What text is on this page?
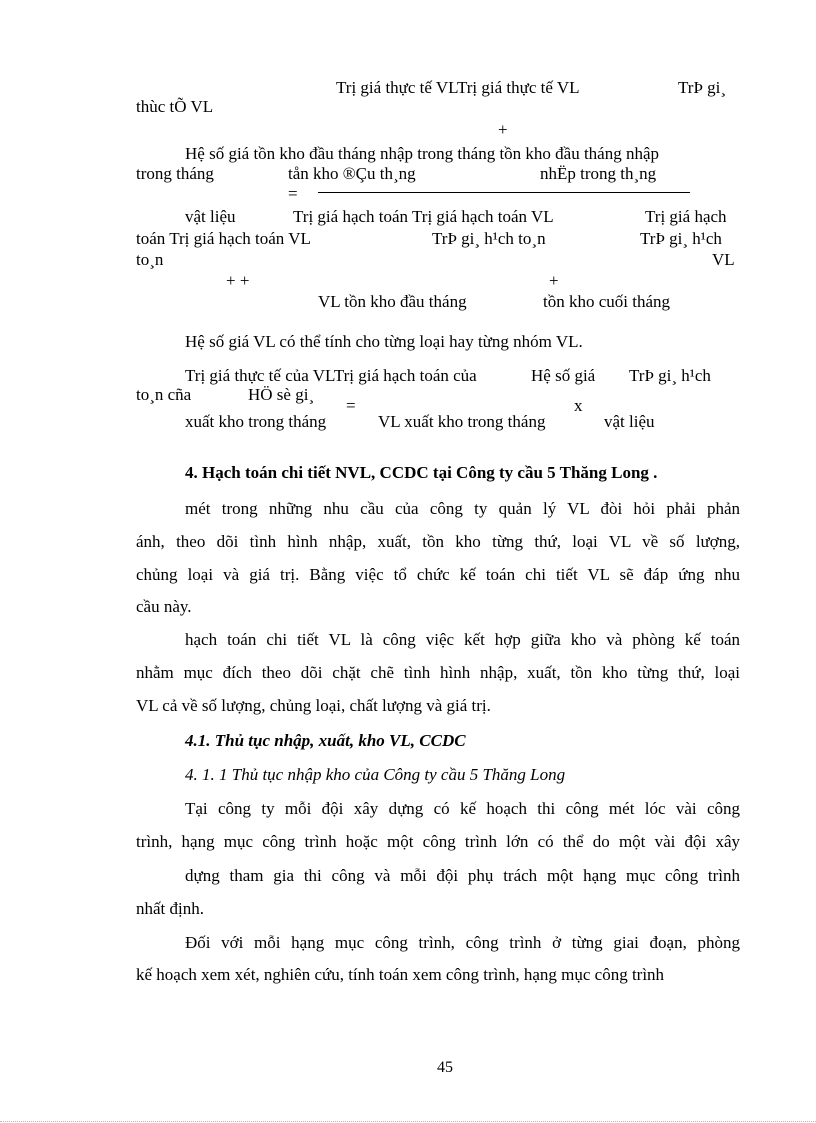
Trị giá thực tế VLTrị giá thực tế VL	TrÞ gi¸
thùc tÕ VL
+
Hệ số giá tồn kho đầu tháng nhập trong tháng tồn kho đầu tháng nhập
trong tháng	tån kho ®Çu th¸ng	nhËp trong th¸ng
=
vật liệu	Trị giá hạch toán Trị giá hạch toán VL	Trị giá hạch
toán Trị giá hạch toán VL	TrÞ gi¸ h¹ch to¸n	TrÞ gi¸ h¹ch
to¸n	VL
+ +	+
VL tồn kho đầu tháng	tồn kho cuối tháng
Hệ số giá VL có thể tính cho từng loại hay từng nhóm VL.
Trị giá thực tế của VLTrị giá hạch toán của	Hệ số giá TrÞ gi¸ h¹ch
to¸n cña	HÖ sè gi¸
=	x
xuất kho trong tháng	VL xuất kho trong tháng	vật liệu
4. Hạch toán chi tiết NVL, CCDC tại Công ty cầu 5 Thăng Long .
mét trong những nhu cầu của công ty quản lý VL đòi hỏi phải phản
ánh, theo dõi tình hình nhập, xuất, tồn kho từng thứ, loại VL về số lượng,
chủng loại và giá trị. Bằng việc tổ chức kế toán chi tiết VL sẽ đáp ứng nhu
cầu này.
hạch toán chi tiết VL là công việc kết hợp giữa kho và phòng kế toán
nhằm mục đích theo dõi chặt chẽ tình hình nhập, xuất, tồn kho từng thứ, loại
VL cả về số lượng, chủng loại, chất lượng và giá trị.
4.1. Thủ tục nhập, xuất, kho VL, CCDC
4. 1. 1 Thủ tục nhập kho của Công ty cầu 5 Thăng Long
Tại công ty mỗi đội xây dựng có kế hoạch thi công mét lóc vài công
trình, hạng mục công trình hoặc một công trình lớn có thể do một vài đội xây
dựng tham gia thi công và mỗi đội phụ trách một hạng mục công trình
nhất định.
Đối với mỗi hạng mục công trình, công trình ở từng giai đoạn, phòng
kế hoạch xem xét, nghiên cứu, tính toán xem công trình, hạng mục công trình
45
